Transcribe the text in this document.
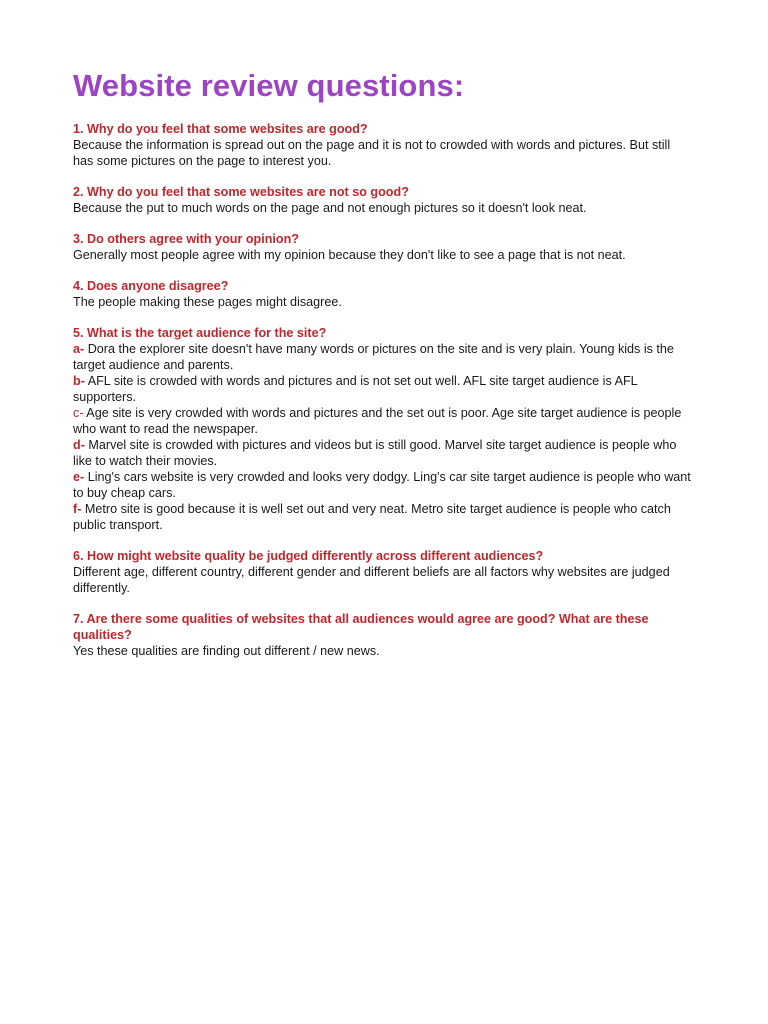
Website review questions:

1. Why do you feel that some websites are good?

Because the information is spread out on the page and it is not to crowded with words and pictures. But still has some pictures on the page to interest you.

2. Why do you feel that some websites are not so good?

Because the put to much words on the page and not enough pictures so it doesn't look neat.

3. Do others agree with your opinion?

Generally most people agree with my opinion because they don't like to see a page that is not neat.

4. Does anyone disagree?

The people making these pages might disagree.

5. What is the target audience for the site?

a- Dora the explorer site doesn't have many words or pictures on the site and is very plain. Young kids is the target audience and parents.

b- AFL site is crowded with words and pictures and is not set out well. AFL site target audience is AFL supporters.

c- Age site is very crowded with words and pictures and the set out is poor. Age site target audience is people who want to read the newspaper.

d- Marvel site is crowded with pictures and videos but is still good. Marvel site target audience is people who like to watch their movies.

e- Ling's cars website is very crowded and looks very dodgy. Ling's car site target audience is people who want to buy cheap cars.

f- Metro site is good because it is well set out and very neat. Metro site target audience is people who catch public transport.

6. How might website quality be judged differently across different audiences?

Different age, different country, different gender and different beliefs are all factors why websites are judged differently.

7. Are there some qualities of websites that all audiences would agree are good? What are these qualities?

Yes these qualities are finding out different / new news.
